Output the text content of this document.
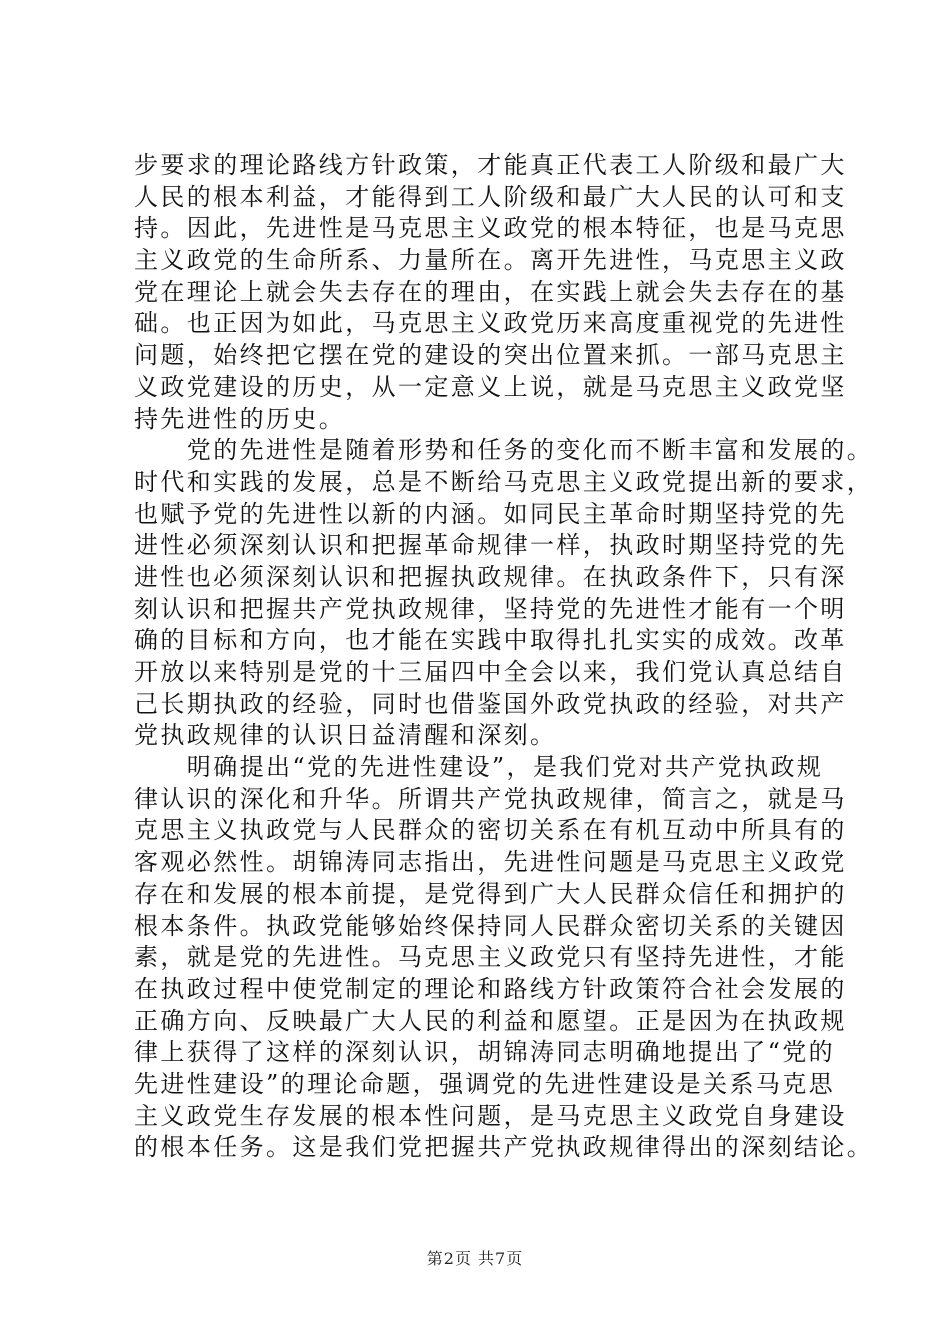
步要求的理论路线方针政策，才能真正代表工人阶级和最广大
人民的根本利益，才能得到工人阶级和最广大人民的认可和支
持。因此，先进性是马克思主义政党的根本特征，也是马克思
主义政党的生命所系、力量所在。离开先进性，马克思主义政
党在理论上就会失去存在的理由，在实践上就会失去存在的基
础。也正因为如此，马克思主义政党历来高度重视党的先进性
问题，始终把它摆在党的建设的突出位置来抓。一部马克思主
义政党建设的历史，从一定意义上说，就是马克思主义政党坚
持先进性的历史。
　　党的先进性是随着形势和任务的变化而不断丰富和发展的。
时代和实践的发展，总是不断给马克思主义政党提出新的要求，
也赋予党的先进性以新的内涵。如同民主革命时期坚持党的先
进性必须深刻认识和把握革命规律一样，执政时期坚持党的先
进性也必须深刻认识和把握执政规律。在执政条件下，只有深
刻认识和把握共产党执政规律，坚持党的先进性才能有一个明
确的目标和方向，也才能在实践中取得扎扎实实的成效。改革
开放以来特别是党的十三届四中全会以来，我们党认真总结自
己长期执政的经验，同时也借鉴国外政党执政的经验，对共产
党执政规律的认识日益清醒和深刻。
　　明确提出“党的先进性建设”，是我们党对共产党执政规
律认识的深化和升华。所谓共产党执政规律，简言之，就是马
克思主义执政党与人民群众的密切关系在有机互动中所具有的
客观必然性。胡锦涛同志指出，先进性问题是马克思主义政党
存在和发展的根本前提，是党得到广大人民群众信任和拥护的
根本条件。执政党能够始终保持同人民群众密切关系的关键因
素，就是党的先进性。马克思主义政党只有坚持先进性，才能
在执政过程中使党制定的理论和路线方针政策符合社会发展的
正确方向、反映最广大人民的利益和愿望。正是因为在执政规
律上获得了这样的深刻认识，胡锦涛同志明确地提出了“党的
先进性建设”的理论命题，强调党的先进性建设是关系马克思
主义政党生存发展的根本性问题，是马克思主义政党自身建设
的根本任务。这是我们党把握共产党执政规律得出的深刻结论。
第2页 共7页
